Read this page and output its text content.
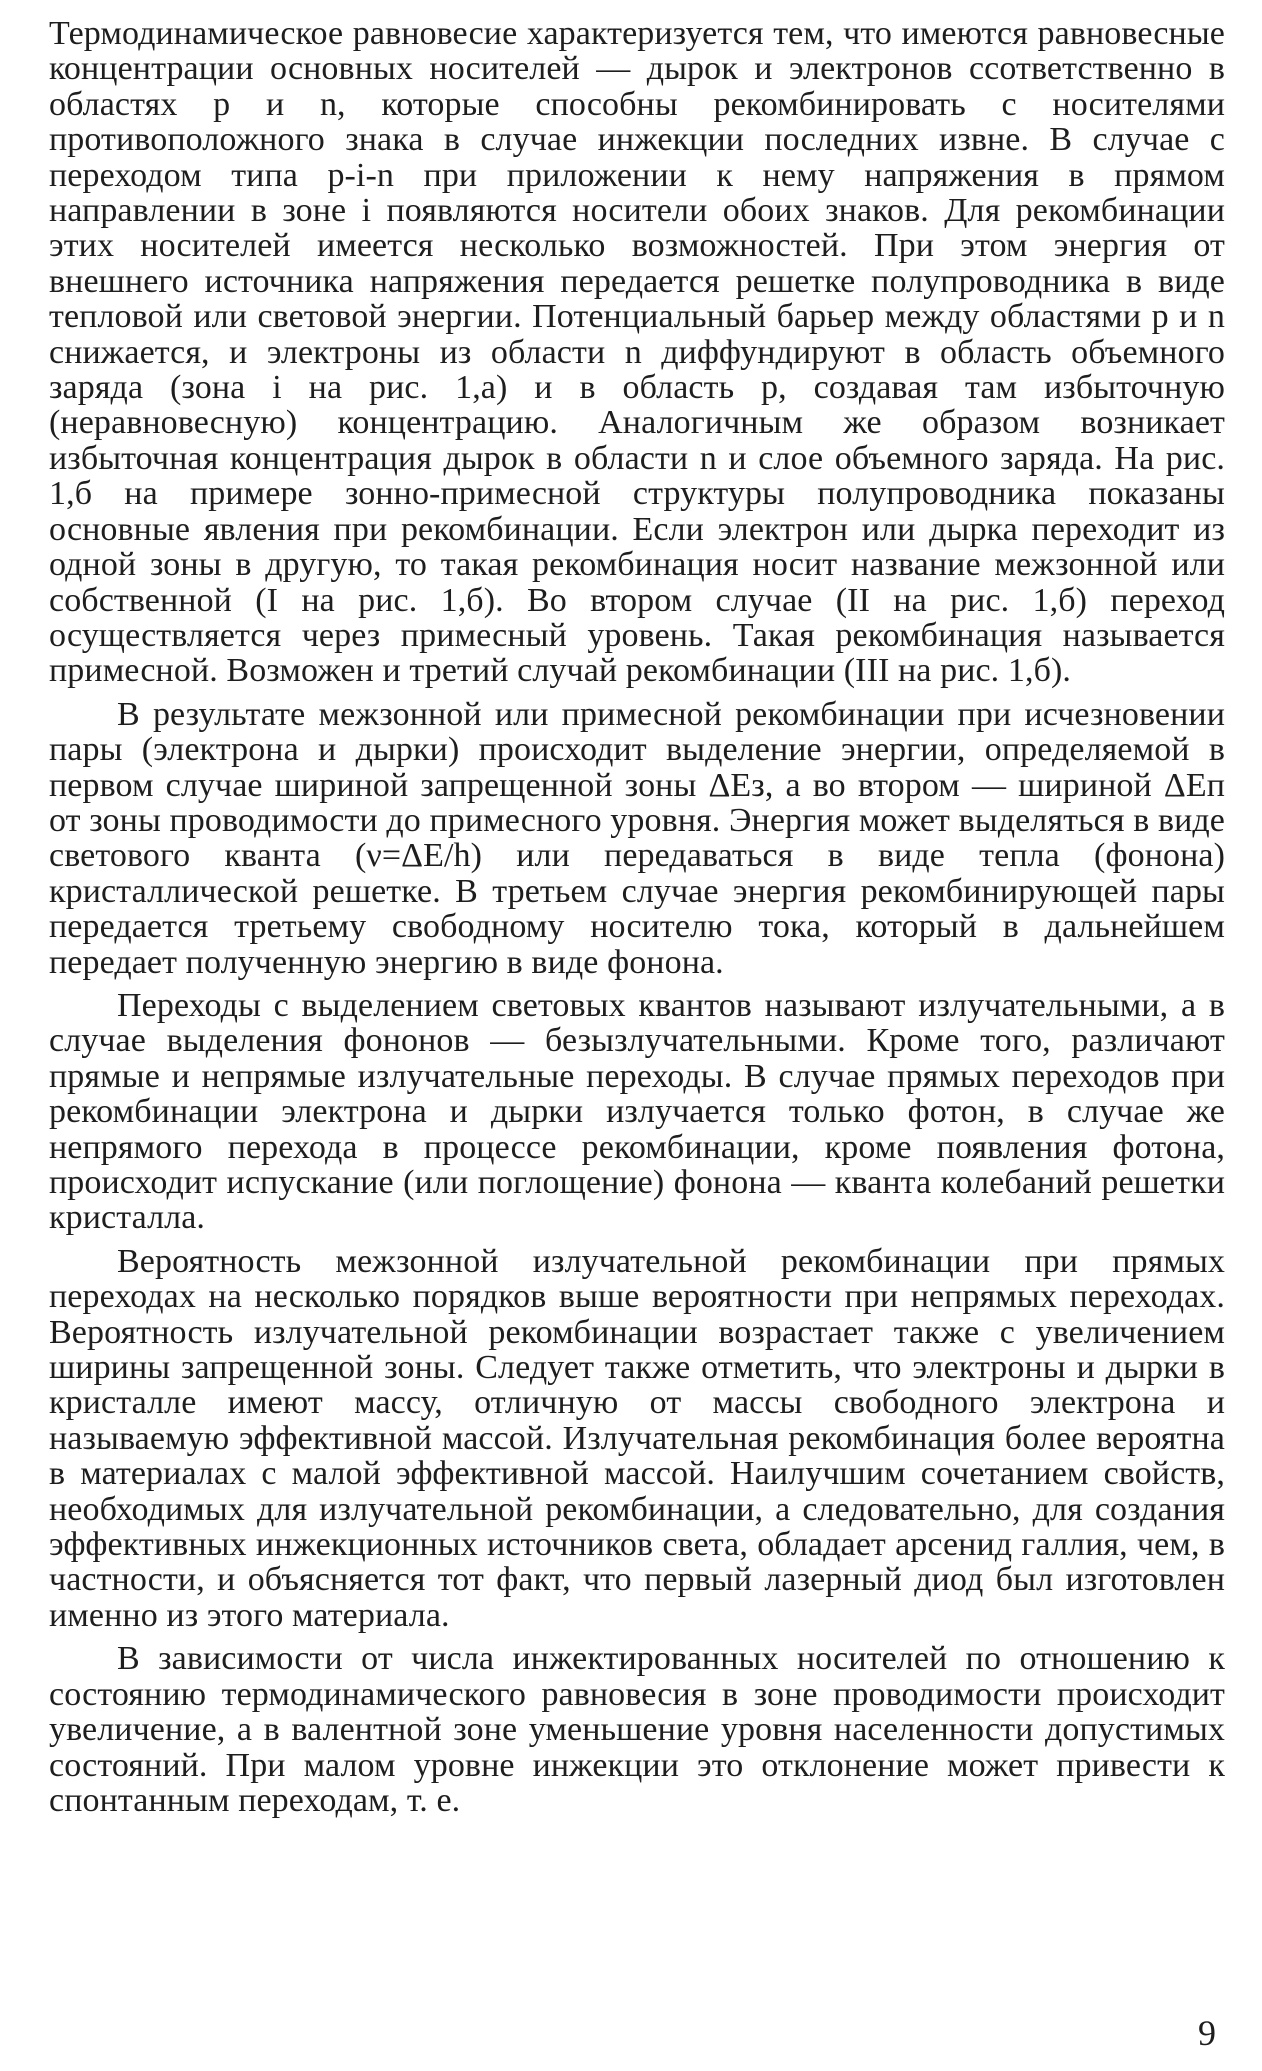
Термодинамическое равновесие характеризуется тем, что имеются равновесные концентрации основных носителей — дырок и электронов ссответственно в областях p и n, которые способны рекомбинировать с носителями противоположного знака в случае инжекции последних извне. В случае с переходом типа p-i-n при приложении к нему напряжения в прямом направлении в зоне i появляются носители обоих знаков. Для рекомбинации этих носителей имеется несколько возможностей. При этом энергия от внешнего источника напряжения передается решетке полупроводника в виде тепловой или световой энергии. Потенциальный барьер между областями p и n снижается, и электроны из области n диффундируют в область объемного заряда (зона i на рис. 1,a) и в область p, создавая там избыточную (неравновесную) концентрацию. Аналогичным же образом возникает избыточная концентрация дырок в области n и слое объемного заряда. На рис. 1,б на примере зонно-примесной структуры полупроводника показаны основные явления при рекомбинации. Если электрон или дырка переходит из одной зоны в другую, то такая рекомбинация носит название межзонной или собственной (I на рис. 1,б). Во втором случае (II на рис. 1,б) переход осуществляется через примесный уровень. Такая рекомбинация называется примесной. Возможен и третий случай рекомбинации (III на рис. 1,б).

В результате межзонной или примесной рекомбинации при исчезновении пары (электрона и дырки) происходит выделение энергии, определяемой в первом случае шириной запрещенной зоны ΔEз, а во втором — шириной ΔEп от зоны проводимости до примесного уровня. Энергия может выделяться в виде светового кванта (ν=ΔE/h) или передаваться в виде тепла (фонона) кристаллической решетке. В третьем случае энергия рекомбинирующей пары передается третьему свободному носителю тока, который в дальнейшем передает полученную энергию в виде фонона.

Переходы с выделением световых квантов называют излучательными, а в случае выделения фононов — безызлучательными. Кроме того, различают прямые и непрямые излучательные переходы. В случае прямых переходов при рекомбинации электрона и дырки излучается только фотон, в случае же непрямого перехода в процессе рекомбинации, кроме появления фотона, происходит испускание (или поглощение) фонона — кванта колебаний решетки кристалла.

Вероятность межзонной излучательной рекомбинации при прямых переходах на несколько порядков выше вероятности при непрямых переходах. Вероятность излучательной рекомбинации возрастает также с увеличением ширины запрещенной зоны. Следует также отметить, что электроны и дырки в кристалле имеют массу, отличную от массы свободного электрона и называемую эффективной массой. Излучательная рекомбинация более вероятна в материалах с малой эффективной массой. Наилучшим сочетанием свойств, необходимых для излучательной рекомбинации, а следовательно, для создания эффективных инжекционных источников света, обладает арсенид галлия, чем, в частности, и объясняется тот факт, что первый лазерный диод был изготовлен именно из этого материала.

В зависимости от числа инжектированных носителей по отношению к состоянию термодинамического равновесия в зоне проводимости происходит увеличение, а в валентной зоне уменьшение уровня населенности допустимых состояний. При малом уровне инжекции это отклонение может привести к спонтанным переходам, т. е.

9
